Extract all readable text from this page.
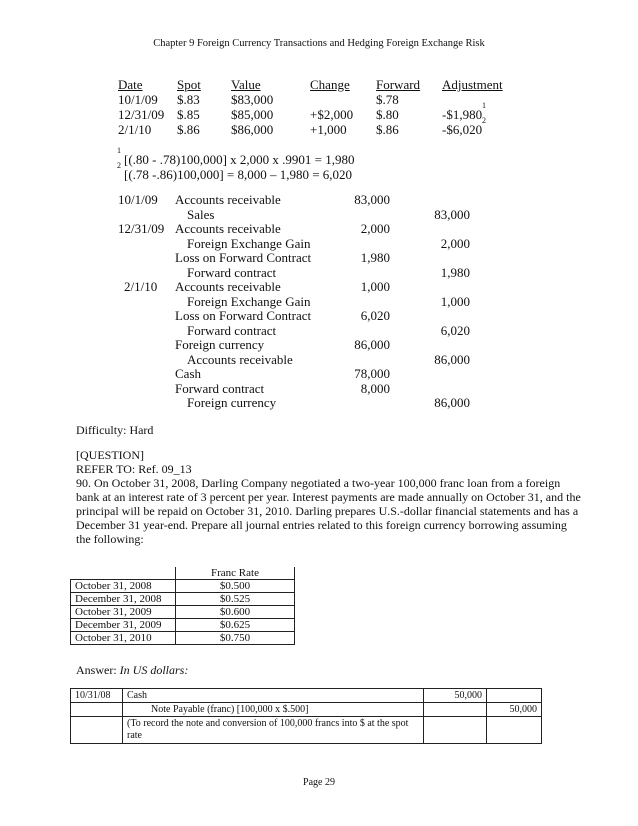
Chapter 9 Foreign Currency Transactions and Hedging Foreign Exchange Risk
Date	Spot Value	Change Forward Adjustment
10/1/09 $.83 $83,000	$.78
12/31/09 $.85 $85,000	+$2,000 $.80	-$1,980
1
2/1/10 $.86 $86,000	+1,000 $.86	-$6,020
2
1
[(.80 - .78)100,000] x 2,000 x .9901 = 1,980
2
[(.78 -.86)100,000] = 8,000 – 1,980 = 6,020
10/1/09 Accounts receivable	83,000
Sales	83,000
12/31/09 Accounts receivable	2,000
Foreign Exchange Gain	2,000
Loss on Forward Contract	1,980
Forward contract	1,980
2/1/10 Accounts receivable	1,000
Foreign Exchange Gain	1,000
Loss on Forward Contract	6,020
Forward contract	6,020
Foreign currency	86,000
Accounts receivable	86,000
Cash	78,000
Forward contract	8,000
Foreign currency	86,000
Difficulty: Hard
[QUESTION]
REFER TO: Ref. 09_13
90. On October 31, 2008, Darling Company negotiated a two-year 100,000 franc loan from a foreign
bank at an interest rate of 3 percent per year. Interest payments are made annually on October 31, and the
principal will be repaid on October 31, 2010. Darling prepares U.S.-dollar financial statements and has a
December 31 year-end. Prepare all journal entries related to this foreign currency borrowing assuming
the following:
	Franc Rate
October 31, 2008	$0.500
December 31, 2008	$0.525
October 31, 2009	$0.600
December 31, 2009	$0.625
October 31, 2010	$0.750
Answer: In US dollars:
10/31/08	Cash	50,000	
	Note Payable (franc) [100,000 x $.500]		50,000
	(To record the note and conversion of 100,000 francs into $ at the spot rate		
Page 29
